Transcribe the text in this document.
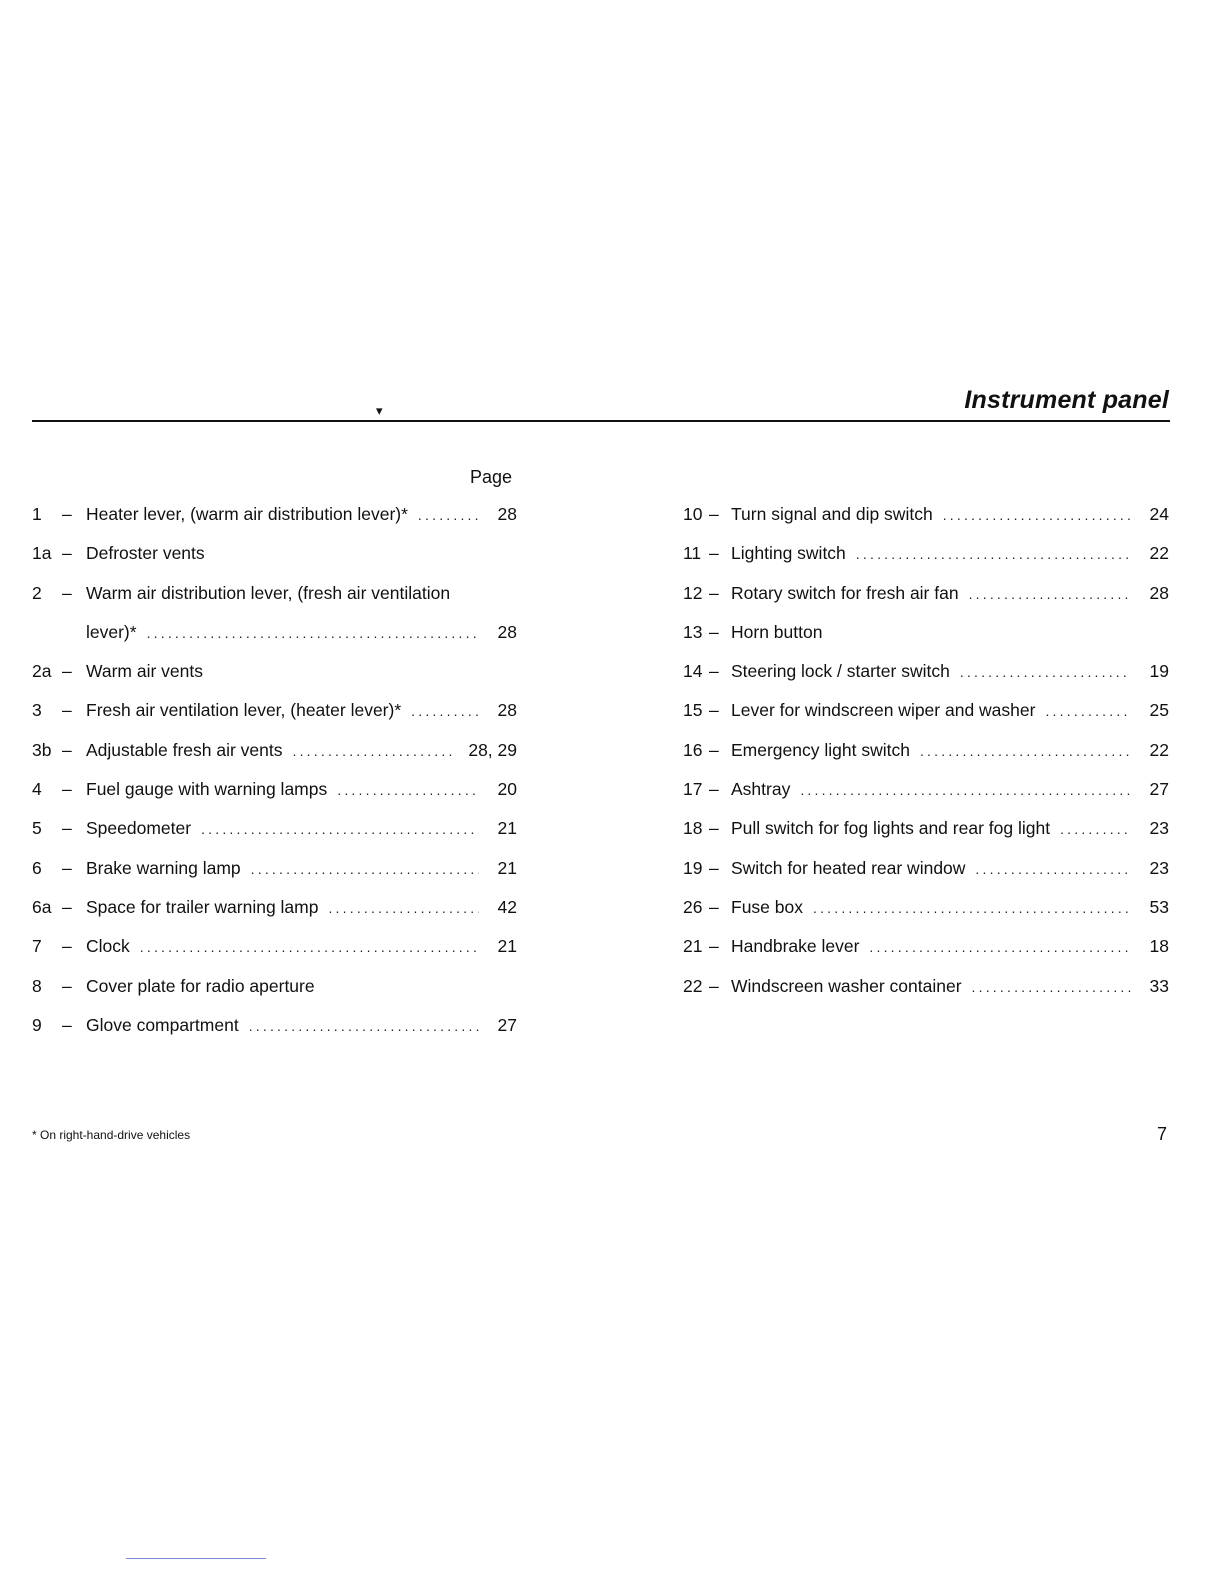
Instrument panel
▾
Page
1 – Heater lever, (warm air distribution lever)* .....	28
1a – Defroster vents
2 – Warm air distribution lever, (fresh air ventilation
lever)* .....	28
2a – Warm air vents
3 – Fresh air ventilation lever, (heater lever)* .....	28
3b – Adjustable fresh air vents .....	28, 29
4 – Fuel gauge with warning lamps .....	20
5 – Speedometer .....	21
6 – Brake warning lamp .....	21
6a – Space for trailer warning lamp .....	42
7 – Clock .....	21
8 – Cover plate for radio aperture
9 – Glove compartment .....	27
10 – Turn signal and dip switch .....	24
11 – Lighting switch .....	22
12 – Rotary switch for fresh air fan .....	28
13 – Horn button
14 – Steering lock / starter switch .....	19
15 – Lever for windscreen wiper and washer .....	25
16 – Emergency light switch .....	22
17 – Ashtray .....	27
18 – Pull switch for fog lights and rear fog light .....	23
19 – Switch for heated rear window .....	23
26 – Fuse box .....	53
21 – Handbrake lever .....	18
22 – Windscreen washer container .....	33
* On right-hand-drive vehicles	7
